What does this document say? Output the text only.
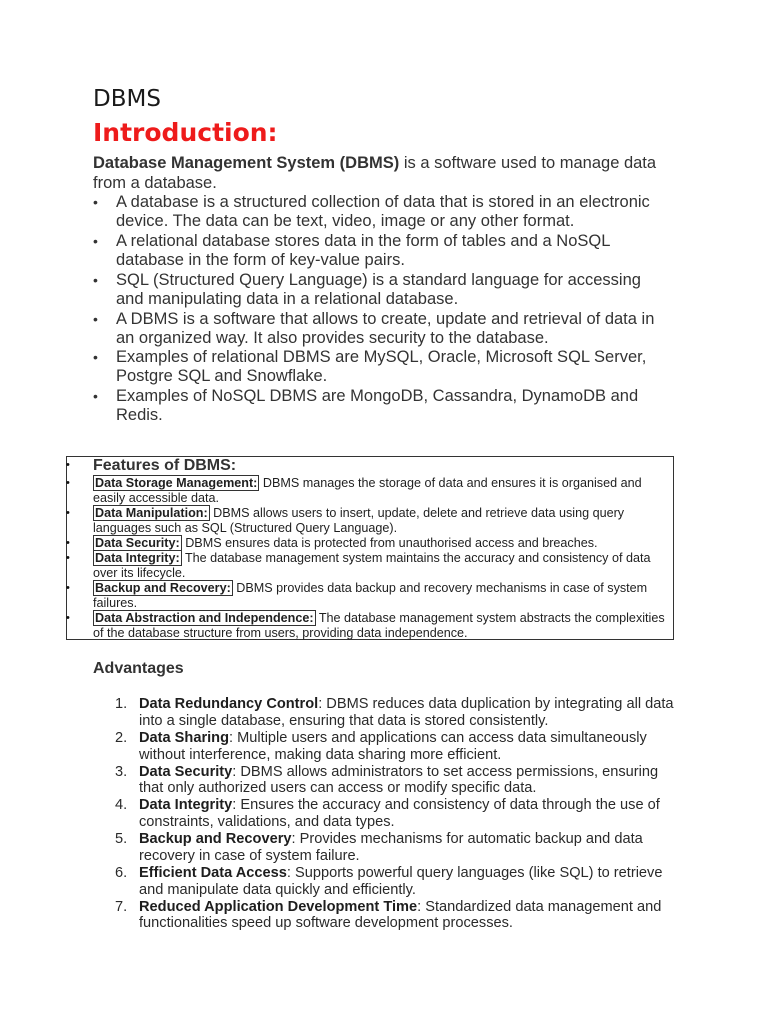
DBMS
Introduction:

Database Management System (DBMS) is a software used to manage data from a database.

• A database is a structured collection of data that is stored in an electronic device. The data can be text, video, image or any other format.
• A relational database stores data in the form of tables and a NoSQL database in the form of key-value pairs.
• SQL (Structured Query Language) is a standard language for accessing and manipulating data in a relational database.
• A DBMS is a software that allows to create, update and retrieval of data in an organized way. It also provides security to the database.
• Examples of relational DBMS are MySQL, Oracle, Microsoft SQL Server, Postgre SQL and Snowflake.
• Examples of NoSQL DBMS are MongoDB, Cassandra, DynamoDB and Redis.
•
•
•
•
•
•
•
Features of DBMS:

Data Storage Management: DBMS manages the storage of data and ensures it is organised and easily accessible data.

Data Manipulation: DBMS allows users to insert, update, delete and retrieve data using query languages such as SQL (Structured Query Language).

Data Security: DBMS ensures data is protected from unauthorised access and breaches.

Data Integrity: The database management system maintains the accuracy and consistency of data over its lifecycle.

Backup and Recovery: DBMS provides data backup and recovery mechanisms in case of system failures.

Data Abstraction and Independence: The database management system abstracts the complexities of the database structure from users, providing data independence.

Advantages
1. Data Redundancy Control: DBMS reduces data duplication by integrating all data into a single database, ensuring that data is stored consistently.
2. Data Sharing: Multiple users and applications can access data simultaneously without interference, making data sharing more efficient.
3. Data Security: DBMS allows administrators to set access permissions, ensuring that only authorized users can access or modify specific data.
4. Data Integrity: Ensures the accuracy and consistency of data through the use of constraints, validations, and data types.
5. Backup and Recovery: Provides mechanisms for automatic backup and data recovery in case of system failure.
6. Efficient Data Access: Supports powerful query languages (like SQL) to retrieve and manipulate data quickly and efficiently.
7. Reduced Application Development Time: Standardized data management and functionalities speed up software development processes.
